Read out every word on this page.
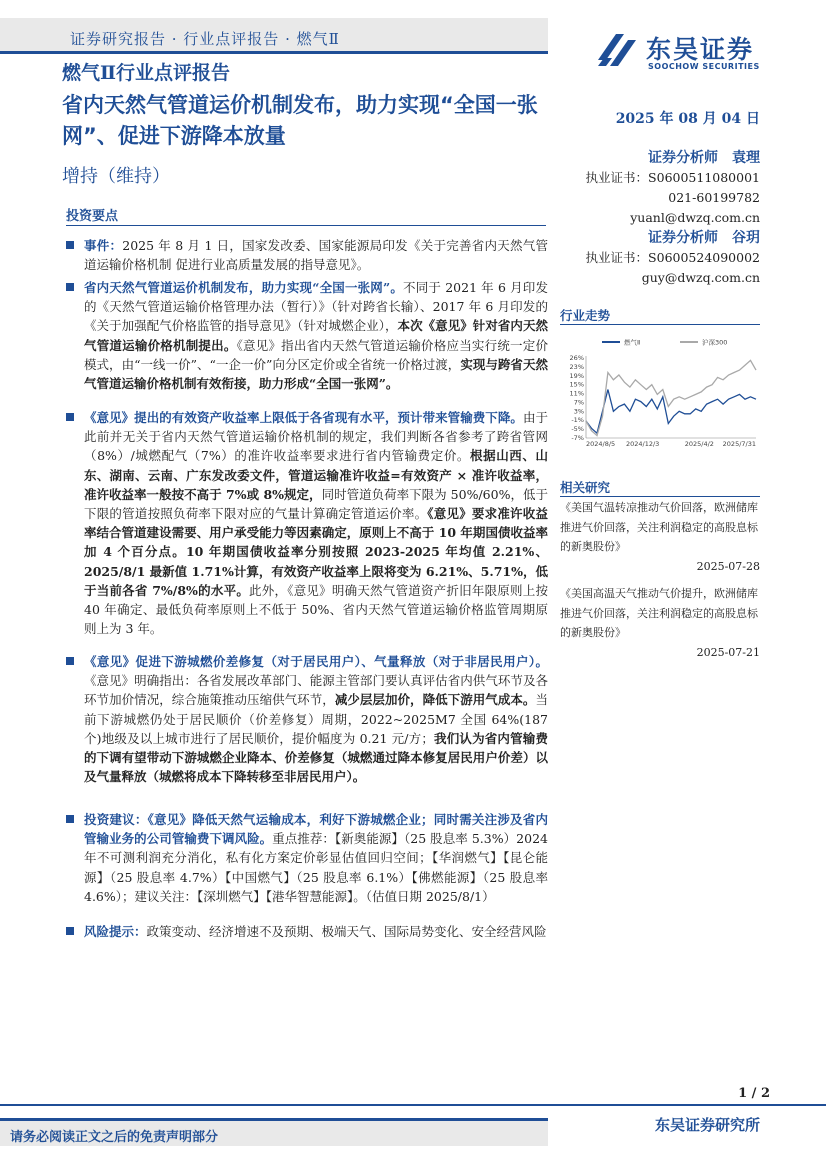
证券研究报告 · 行业点评报告 · 燃气Ⅱ
燃气Ⅱ行业点评报告
东吴证券
SOOCHOW SECURITIES
省内天然气管道运价机制发布，助力实现“全国一张网”、促进下游降本放量
增持（维持）
2025 年 08 月 04 日
证券分析师　袁理
执业证书：S0600511080001
021-60199782
yuanl@dwzq.com.cn
证券分析师　谷玥
执业证书：S0600524090002
guy@dwzq.com.cn
投资要点
事件：2025 年 8 月 1 日，国家发改委、国家能源局印发《关于完善省内天然气管道运输价格机制 促进行业高质量发展的指导意见》。
省内天然气管道运价机制发布，助力实现“全国一张网”。不同于 2021 年 6 月印发的《天然气管道运输价格管理办法（暂行）》（针对跨省长输）、2017 年 6 月印发的《关于加强配气价格监管的指导意见》（针对城燃企业），本次《意见》针对省内天然气管道运输价格机制提出。《意见》指出省内天然气管道运输价格应当实行统一定价模式，由“一线一价”、“一企一价”向分区定价或全省统一价格过渡，实现与跨省天然气管道运输价格机制有效衔接，助力形成“全国一张网”。
《意见》提出的有效资产收益率上限低于各省现有水平，预计带来管输费下降。由于此前并无关于省内天然气管道运输价格机制的规定，我们判断各省参考了跨省管网（8%）/城燃配气（7%）的准许收益率要求进行省内管输费定价。根据山西、山东、湖南、云南、广东发改委文件，管道运输准许收益=有效资产 × 准许收益率，准许收益率一般按不高于 7%或 8%规定，同时管道负荷率下限为 50%/60%，低于下限的管道按照负荷率下限对应的气量计算确定管道运价率。《意见》要求准许收益率结合管道建设需要、用户承受能力等因素确定，原则上不高于 10 年期国债收益率加 4 个百分点。10 年期国债收益率分别按照 2023-2025 年均值 2.21%、2025/8/1 最新值 1.71%计算，有效资产收益率上限将变为 6.21%、5.71%，低于当前各省 7%/8%的水平。此外，《意见》明确天然气管道资产折旧年限原则上按 40 年确定、最低负荷率原则上不低于 50%、省内天然气管道运输价格监管周期原则上为 3 年。
《意见》促进下游城燃价差修复（对于居民用户）、气量释放（对于非居民用户）。《意见》明确指出：各省发展改革部门、能源主管部门要认真评估省内供气环节及各环节加价情况，综合施策推动压缩供气环节，减少层层加价，降低下游用气成本。当前下游城燃仍处于居民顺价（价差修复）周期，2022~2025M7 全国 64%(187 个)地级及以上城市进行了居民顺价，提价幅度为 0.21 元/方；我们认为省内管输费的下调有望带动下游城燃企业降本、价差修复（城燃通过降本修复居民用户价差）以及气量释放（城燃将成本下降转移至非居民用户）。
投资建议：《意见》降低天然气运输成本，利好下游城燃企业；同时需关注涉及省内管输业务的公司管输费下调风险。重点推荐：【新奥能源】（25 股息率 5.3%）2024 年不可测利润充分消化，私有化方案定价彰显估值回归空间；【华润燃气】【昆仑能源】（25 股息率 4.7%）【中国燃气】（25 股息率 6.1%）【佛燃能源】（25 股息率 4.6%）；建议关注：【深圳燃气】【港华智慧能源】。（估值日期 2025/8/1）
风险提示：政策变动、经济增速不及预期、极端天气、国际局势变化、安全经营风险
行业走势
燃气Ⅱ	沪深300
26%
23%
19%
15%
11%
7%
3%
-1%
-5%
-7%
2024/8/5 2024/12/3	2025/4/2 2025/7/31
相关研究
《美国气温转凉推动气价回落，欧洲储库推进气价回落，关注利润稳定的高股息标的新奥股份》
2025-07-28
《美国高温天气推动气价提升，欧洲储库推进气价回落，关注利润稳定的高股息标的新奥股份》
2025-07-21
1 / 2
请务必阅读正文之后的免责声明部分
东吴证券研究所
